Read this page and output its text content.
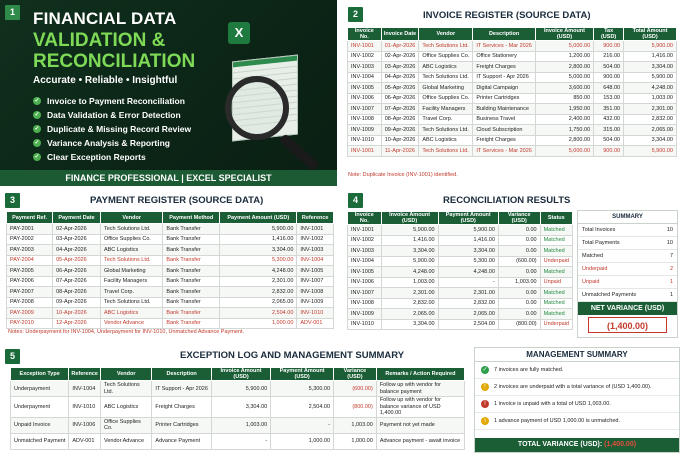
1 FINANCIAL DATA
VALIDATION &
RECONCILIATION
Accurate • Reliable • Insightful
✓ Invoice to Payment Reconciliation
✓ Data Validation & Error Detection
✓ Duplicate & Missing Record Review
✓ Variance Analysis & Reporting
✓ Clear Exception Reports
X
FINANCE PROFESSIONAL | EXCEL SPECIALIST
2	INVOICE REGISTER (SOURCE DATA)
Invoice No.	Invoice Date	Vendor	Description	Invoice Amount (USD)	Tax (USD)	Total Amount (USD)
INV-1001	01-Apr-2026	Tech Solutions Ltd.	IT Services - Mar 2026	5,000.00	900.00	5,900.00
INV-1002	02-Apr-2026	Office Supplies Co.	Office Stationery	1,200.00	216.00	1,416.00
INV-1003	03-Apr-2026	ABC Logistics	Freight Charges	2,800.00	504.00	3,304.00
INV-1004	04-Apr-2026	Tech Solutions Ltd.	IT Support - Apr 2026	5,000.00	900.00	5,900.00
INV-1005	05-Apr-2026	Global Marketing	Digital Campaign	3,600.00	648.00	4,248.00
INV-1006	06-Apr-2026	Office Supplies Co.	Printer Cartridges	850.00	153.00	1,003.00
INV-1007	07-Apr-2026	Facility Managers	Building Maintenance	1,950.00	351.00	2,301.00
INV-1008	08-Apr-2026	Travel Corp.	Business Travel	2,400.00	432.00	2,832.00
INV-1009	09-Apr-2026	Tech Solutions Ltd.	Cloud Subscription	1,750.00	315.00	2,065.00
INV-1010	10-Apr-2026	ABC Logistics	Freight Charges	2,800.00	504.00	3,304.00
INV-1001	11-Apr-2026	Tech Solutions Ltd.	IT Services - Mar 2026	5,000.00	900.00	5,900.00
Note: Duplicate Invoice (INV-1001) identified.
3	PAYMENT REGISTER (SOURCE DATA)
Payment Ref.	Payment Date	Vendor	Payment Method	Payment Amount (USD)	Reference
PAY-2001	02-Apr-2026	Tech Solutions Ltd.	Bank Transfer	5,900.00	INV-1001
PAY-2002	03-Apr-2026	Office Supplies Co.	Bank Transfer	1,416.00	INV-1002
PAY-2003	04-Apr-2026	ABC Logistics	Bank Transfer	3,304.00	INV-1003
PAY-2004	05-Apr-2026	Tech Solutions Ltd.	Bank Transfer	5,300.00	INV-1004
PAY-2005	06-Apr-2026	Global Marketing	Bank Transfer	4,248.00	INV-1005
PAY-2006	07-Apr-2026	Facility Managers	Bank Transfer	2,301.00	INV-1007
PAY-2007	08-Apr-2026	Travel Corp.	Bank Transfer	2,832.00	INV-1008
PAY-2008	09-Apr-2026	Tech Solutions Ltd.	Bank Transfer	2,065.00	INV-1009
PAY-2009	10-Apr-2026	ABC Logistics	Bank Transfer	2,504.00	INV-1010
PAY-2010	12-Apr-2026	Vendor Advance	Bank Transfer	1,000.00	ADV-001
Notes: Underpayment for INV-1004, Underpayment for INV-1010, Unmatched Advance Payment.
4	RECONCILIATION RESULTS
Invoice No.	Invoice Amount (USD)	Payment Amount (USD)	Variance (USD)	Status
INV-1001	5,900.00	5,900.00	0.00	Matched
INV-1002	1,416.00	1,416.00	0.00	Matched
INV-1003	3,304.00	3,304.00	0.00	Matched
INV-1004	5,900.00	5,300.00	(600.00)	Underpaid
INV-1005	4,248.00	4,248.00	0.00	Matched
INV-1006	1,003.00	-	1,003.00	Unpaid
INV-1007	2,301.00	2,301.00	0.00	Matched
INV-1008	2,832.00	2,832.00	0.00	Matched
INV-1009	2,065.00	2,065.00	0.00	Matched
INV-1010	3,304.00	2,504.00	(800.00)	Underpaid
SUMMARY
Total Invoices	10
Total Payments	10
Matched	7
Underpaid	2
Unpaid	1
Unmatched Payments	1
NET VARIANCE (USD)
(1,400.00)
5	EXCEPTION LOG AND MANAGEMENT SUMMARY
Exception Type	Reference	Vendor	Description	Invoice Amount (USD)	Payment Amount (USD)	Variance (USD)	Remarks / Action Required
Underpayment	INV-1004	Tech Solutions Ltd.	IT Support - Apr 2026	5,900.00	5,300.00	(600.00)	Follow up with vendor for balance payment
Underpayment	INV-1010	ABC Logistics	Freight Charges	3,304.00	2,504.00	(800.00)	Follow up with vendor for balance variance of USD 1,400.00
Unpaid Invoice	INV-1006	Office Supplies Co.	Printer Cartridges	1,003.00	-	1,003.00	Payment not yet made
Unmatched Payment	ADV-001	Vendor Advance	Advance Payment	-	1,000.00	1,000.00	Advance payment - await invoice
MANAGEMENT SUMMARY
✓ 7 invoices are fully matched.
!	2 invoices are underpaid with a total variance of (USD 1,400.00).
!	1 invoice is unpaid with a total of USD 1,003.00.
i	1 advance payment of USD 1,000.00 is unmatched.
TOTAL VARIANCE (USD): (1,400.00)
